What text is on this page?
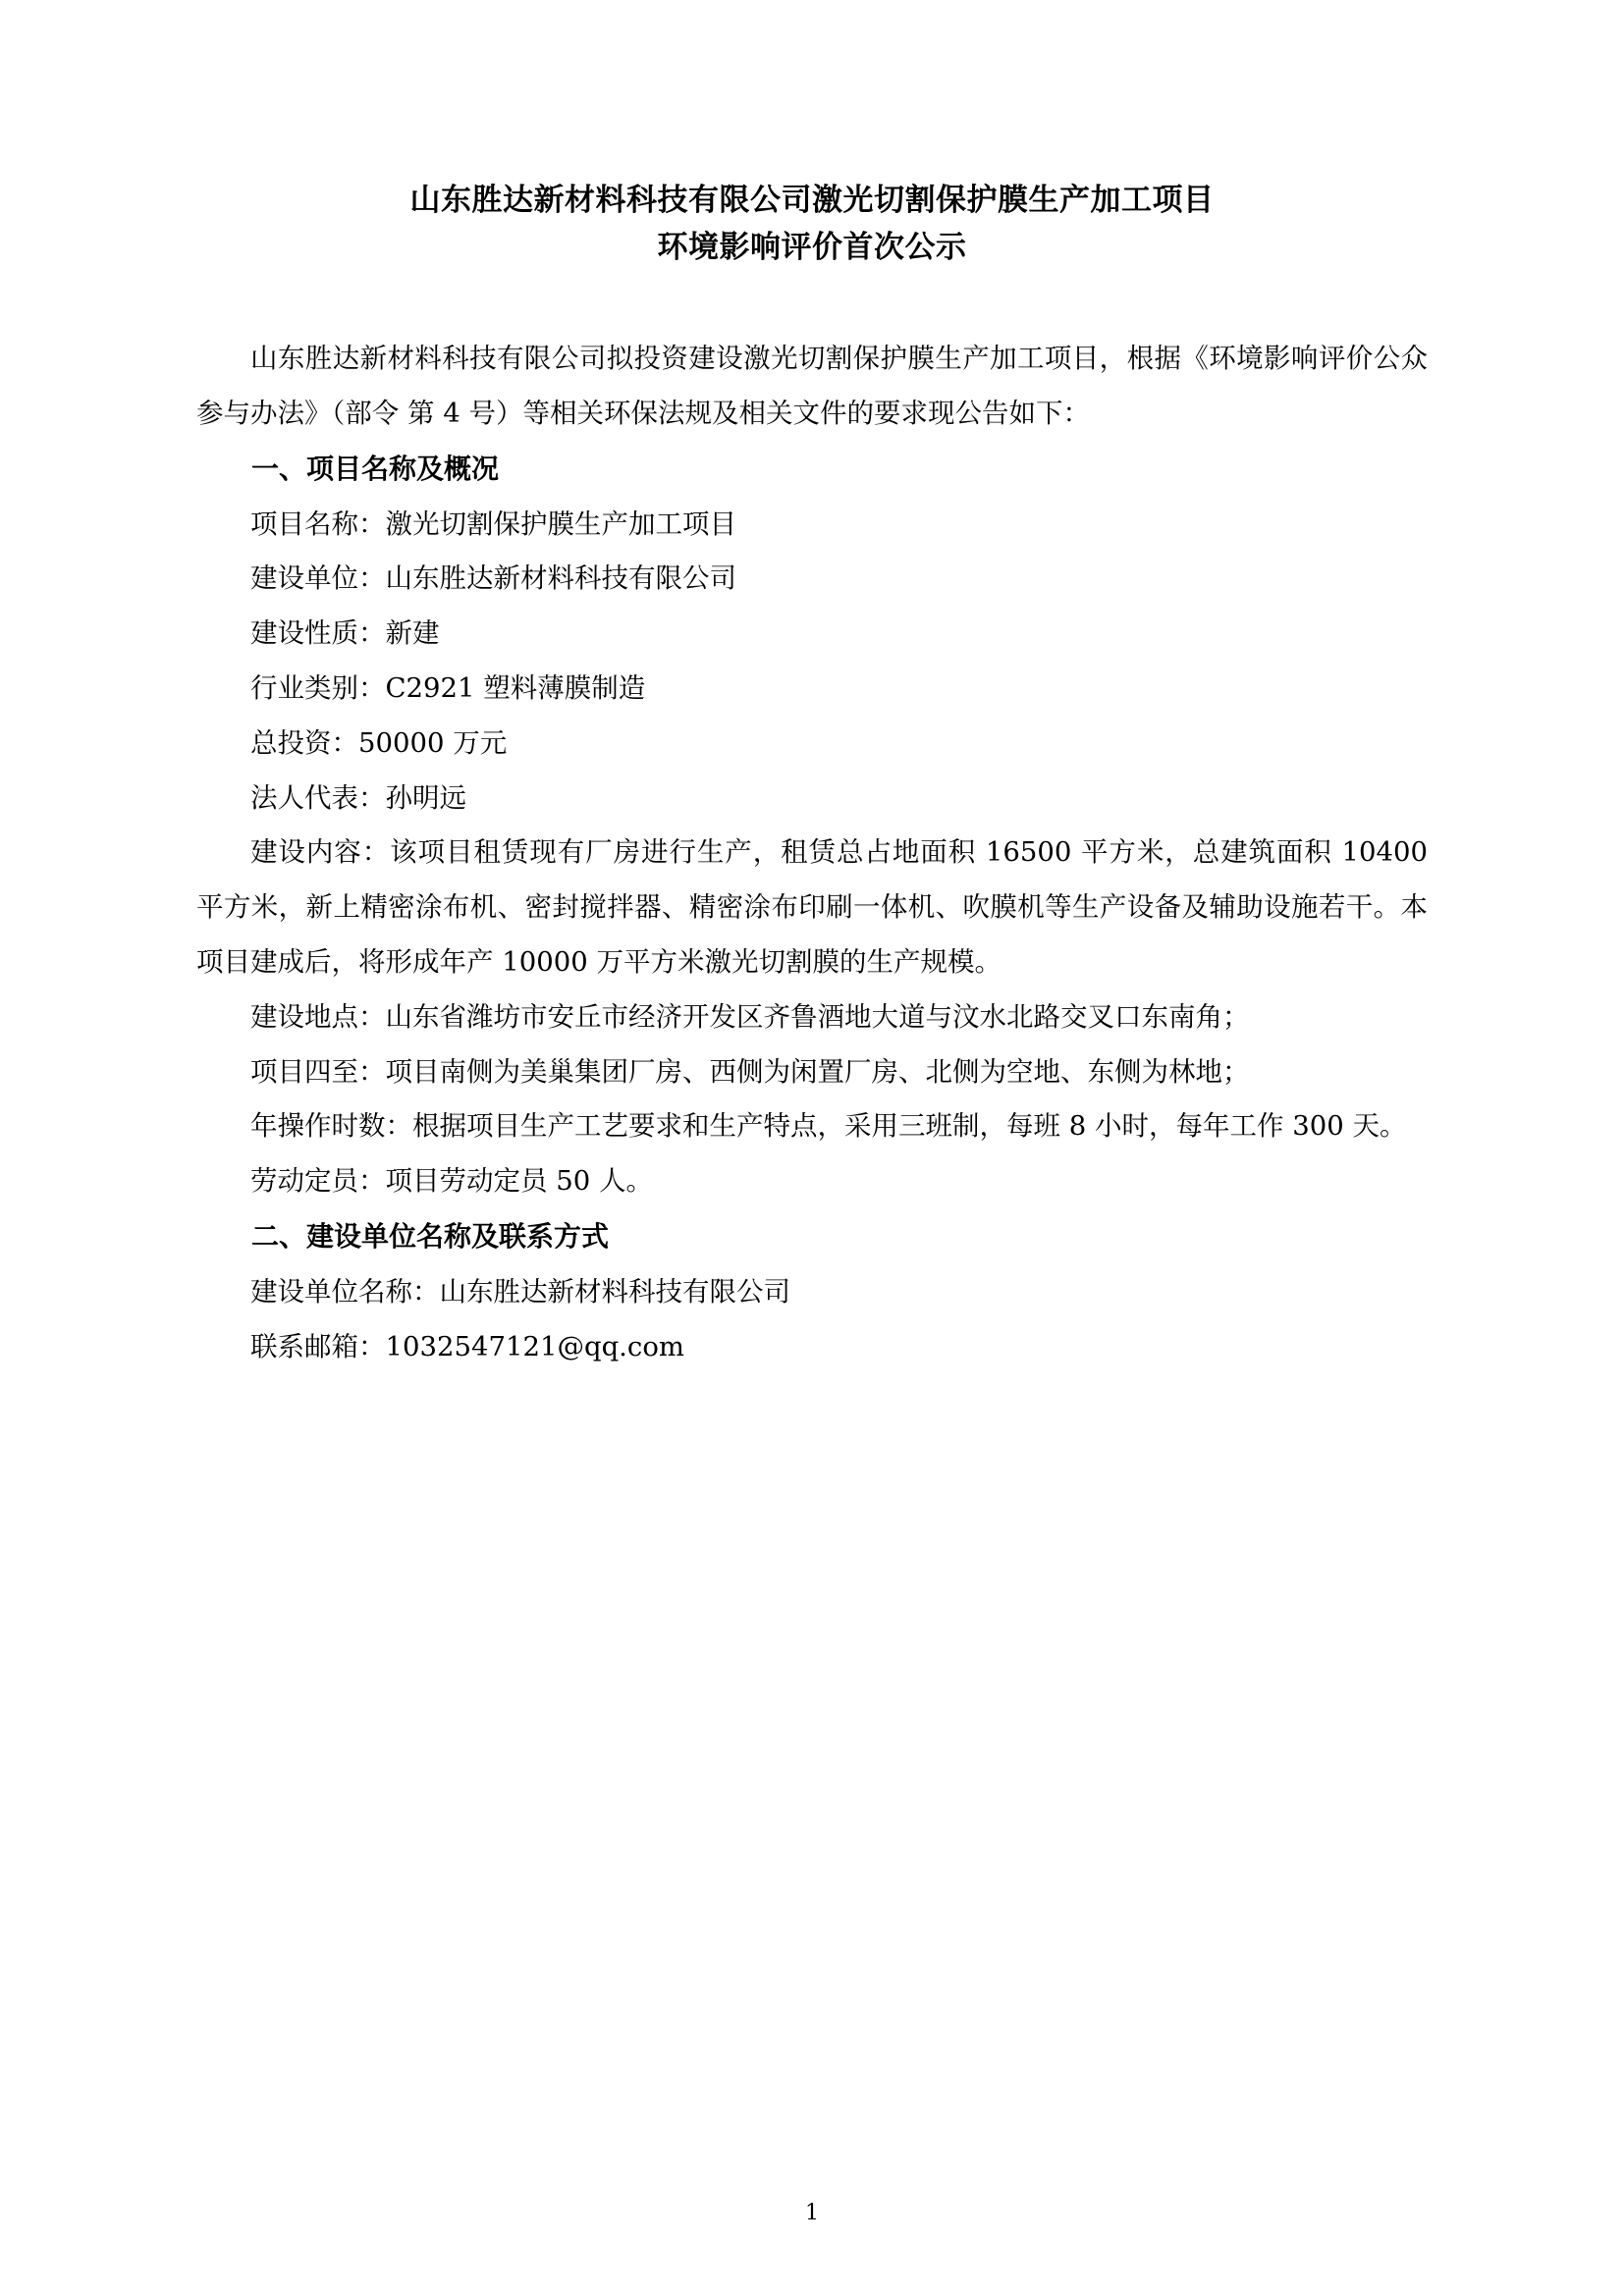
山东胜达新材料科技有限公司激光切割保护膜生产加工项目
环境影响评价首次公示

山东胜达新材料科技有限公司拟投资建设激光切割保护膜生产加工项目，根据《环境影响评价公众参与办法》（部令 第 4 号）等相关环保法规及相关文件的要求现公告如下：

一、项目名称及概况

项目名称：激光切割保护膜生产加工项目

建设单位：山东胜达新材料科技有限公司

建设性质：新建

行业类别：C2921 塑料薄膜制造

总投资：50000 万元

法人代表：孙明远

建设内容：该项目租赁现有厂房进行生产，租赁总占地面积 16500 平方米，总建筑面积 10400 平方米，新上精密涂布机、密封搅拌器、精密涂布印刷一体机、吹膜机等生产设备及辅助设施若干。本项目建成后，将形成年产 10000 万平方米激光切割膜的生产规模。

建设地点：山东省潍坊市安丘市经济开发区齐鲁酒地大道与汶水北路交叉口东南角；

项目四至：项目南侧为美巢集团厂房、西侧为闲置厂房、北侧为空地、东侧为林地；

年操作时数：根据项目生产工艺要求和生产特点，采用三班制，每班 8 小时，每年工作 300 天。

劳动定员：项目劳动定员 50 人。

二、建设单位名称及联系方式

建设单位名称：山东胜达新材料科技有限公司

联系邮箱：1032547121@qq.com

1
